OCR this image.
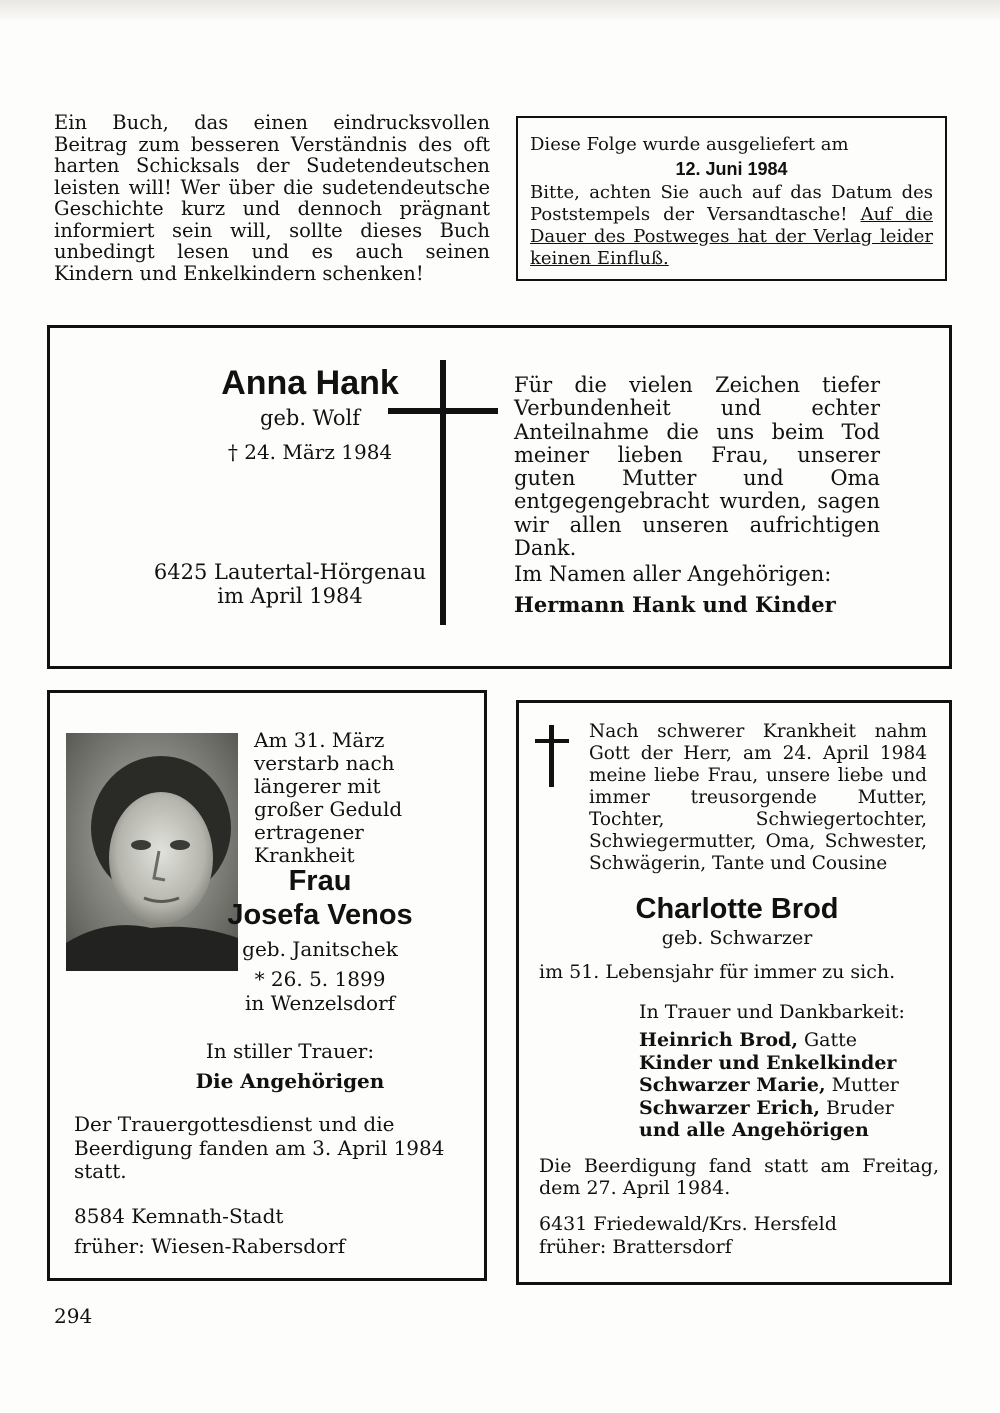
Ein Buch, das einen eindrucksvollen Beitrag zum besseren Verständnis des oft harten Schicksals der Sudetendeutschen leisten will! Wer über die sudetendeutsche Geschichte kurz und dennoch prägnant informiert sein will, sollte dieses Buch unbedingt lesen und es auch seinen Kindern und Enkelkindern schenken!
Diese Folge wurde ausgeliefert am
12. Juni 1984
Bitte, achten Sie auch auf das Datum des Poststempels der Versandtasche! Auf die Dauer des Postweges hat der Verlag leider keinen Einfluß.
Anna Hank
geb. Wolf
† 24. März 1984
6425 Lautertal-Hörgenau
im April 1984
Für die vielen Zeichen tiefer Verbundenheit und echter Anteilnahme die uns beim Tod meiner lieben Frau, unserer guten Mutter und Oma entgegengebracht wurden, sagen wir allen unseren aufrichtigen Dank.
Im Namen aller Angehörigen:
Hermann Hank und Kinder
Am 31. März verstarb nach längerer mit großer Geduld ertragener Krankheit
Frau
Josefa Venos
geb. Janitschek
* 26. 5. 1899
in Wenzelsdorf
In stiller Trauer:
Die Angehörigen
Der Trauergottesdienst und die Beerdigung fanden am 3. April 1984 statt.
8584 Kemnath-Stadt
früher: Wiesen-Rabersdorf
Nach schwerer Krankheit nahm Gott der Herr, am 24. April 1984 meine liebe Frau, unsere liebe und immer treusorgende Mutter, Tochter, Schwiegertochter, Schwiegermutter, Oma, Schwester, Schwägerin, Tante und Cousine
Charlotte Brod
geb. Schwarzer
im 51. Lebensjahr für immer zu sich.
In Trauer und Dankbarkeit:
Heinrich Brod, Gatte
Kinder und Enkelkinder
Schwarzer Marie, Mutter
Schwarzer Erich, Bruder
und alle Angehörigen
Die Beerdigung fand statt am Freitag, dem 27. April 1984.
6431 Friedewald/Krs. Hersfeld
früher: Brattersdorf
294
